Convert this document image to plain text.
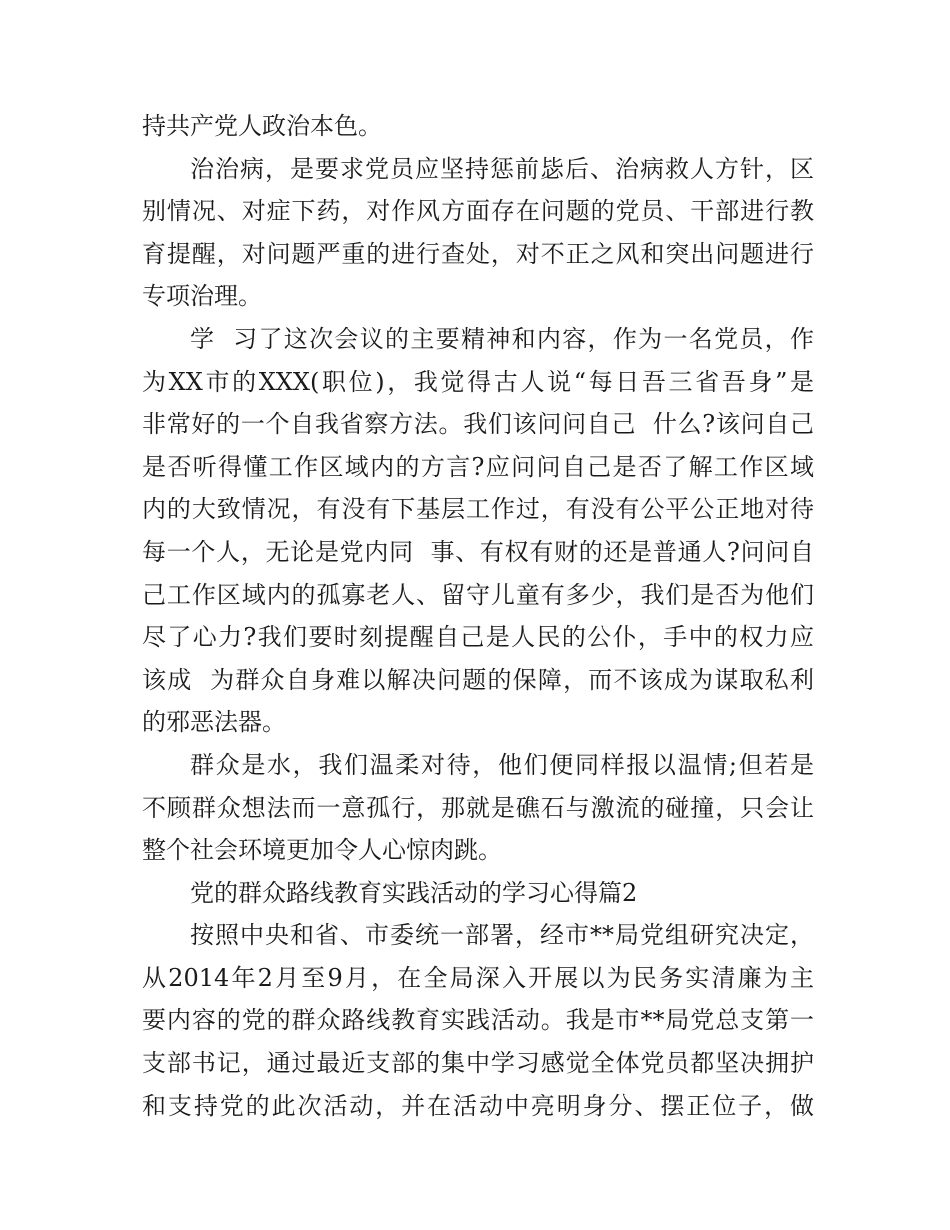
持共产党人政治本色。
治治病，是要求党员应坚持惩前毖后、治病救人方针，区
别情况、对症下药，对作风方面存在问题的党员、干部进行教
育提醒，对问题严重的进行查处，对不正之风和突出问题进行
专项治理。
学  习了这次会议的主要精神和内容，作为一名党员，作
为XX市的XXX(职位)，我觉得古人说“每日吾三省吾身”是
非常好的一个自我省察方法。我们该问问自己  什么?该问自己
是否听得懂工作区域内的方言?应问问自己是否了解工作区域
内的大致情况，有没有下基层工作过，有没有公平公正地对待
每一个人，无论是党内同  事、有权有财的还是普通人?问问自
己工作区域内的孤寡老人、留守儿童有多少，我们是否为他们
尽了心力?我们要时刻提醒自己是人民的公仆，手中的权力应
该成  为群众自身难以解决问题的保障，而不该成为谋取私利
的邪恶法器。
群众是水，我们温柔对待，他们便同样报以温情;但若是
不顾群众想法而一意孤行，那就是礁石与激流的碰撞，只会让
整个社会环境更加令人心惊肉跳。
党的群众路线教育实践活动的学习心得篇2
按照中央和省、市委统一部署，经市**局党组研究决定，
从2014年2月至9月，在全局深入开展以为民务实清廉为主
要内容的党的群众路线教育实践活动。我是市**局党总支第一
支部书记，通过最近支部的集中学习感觉全体党员都坚决拥护
和支持党的此次活动，并在活动中亮明身分、摆正位子，做
